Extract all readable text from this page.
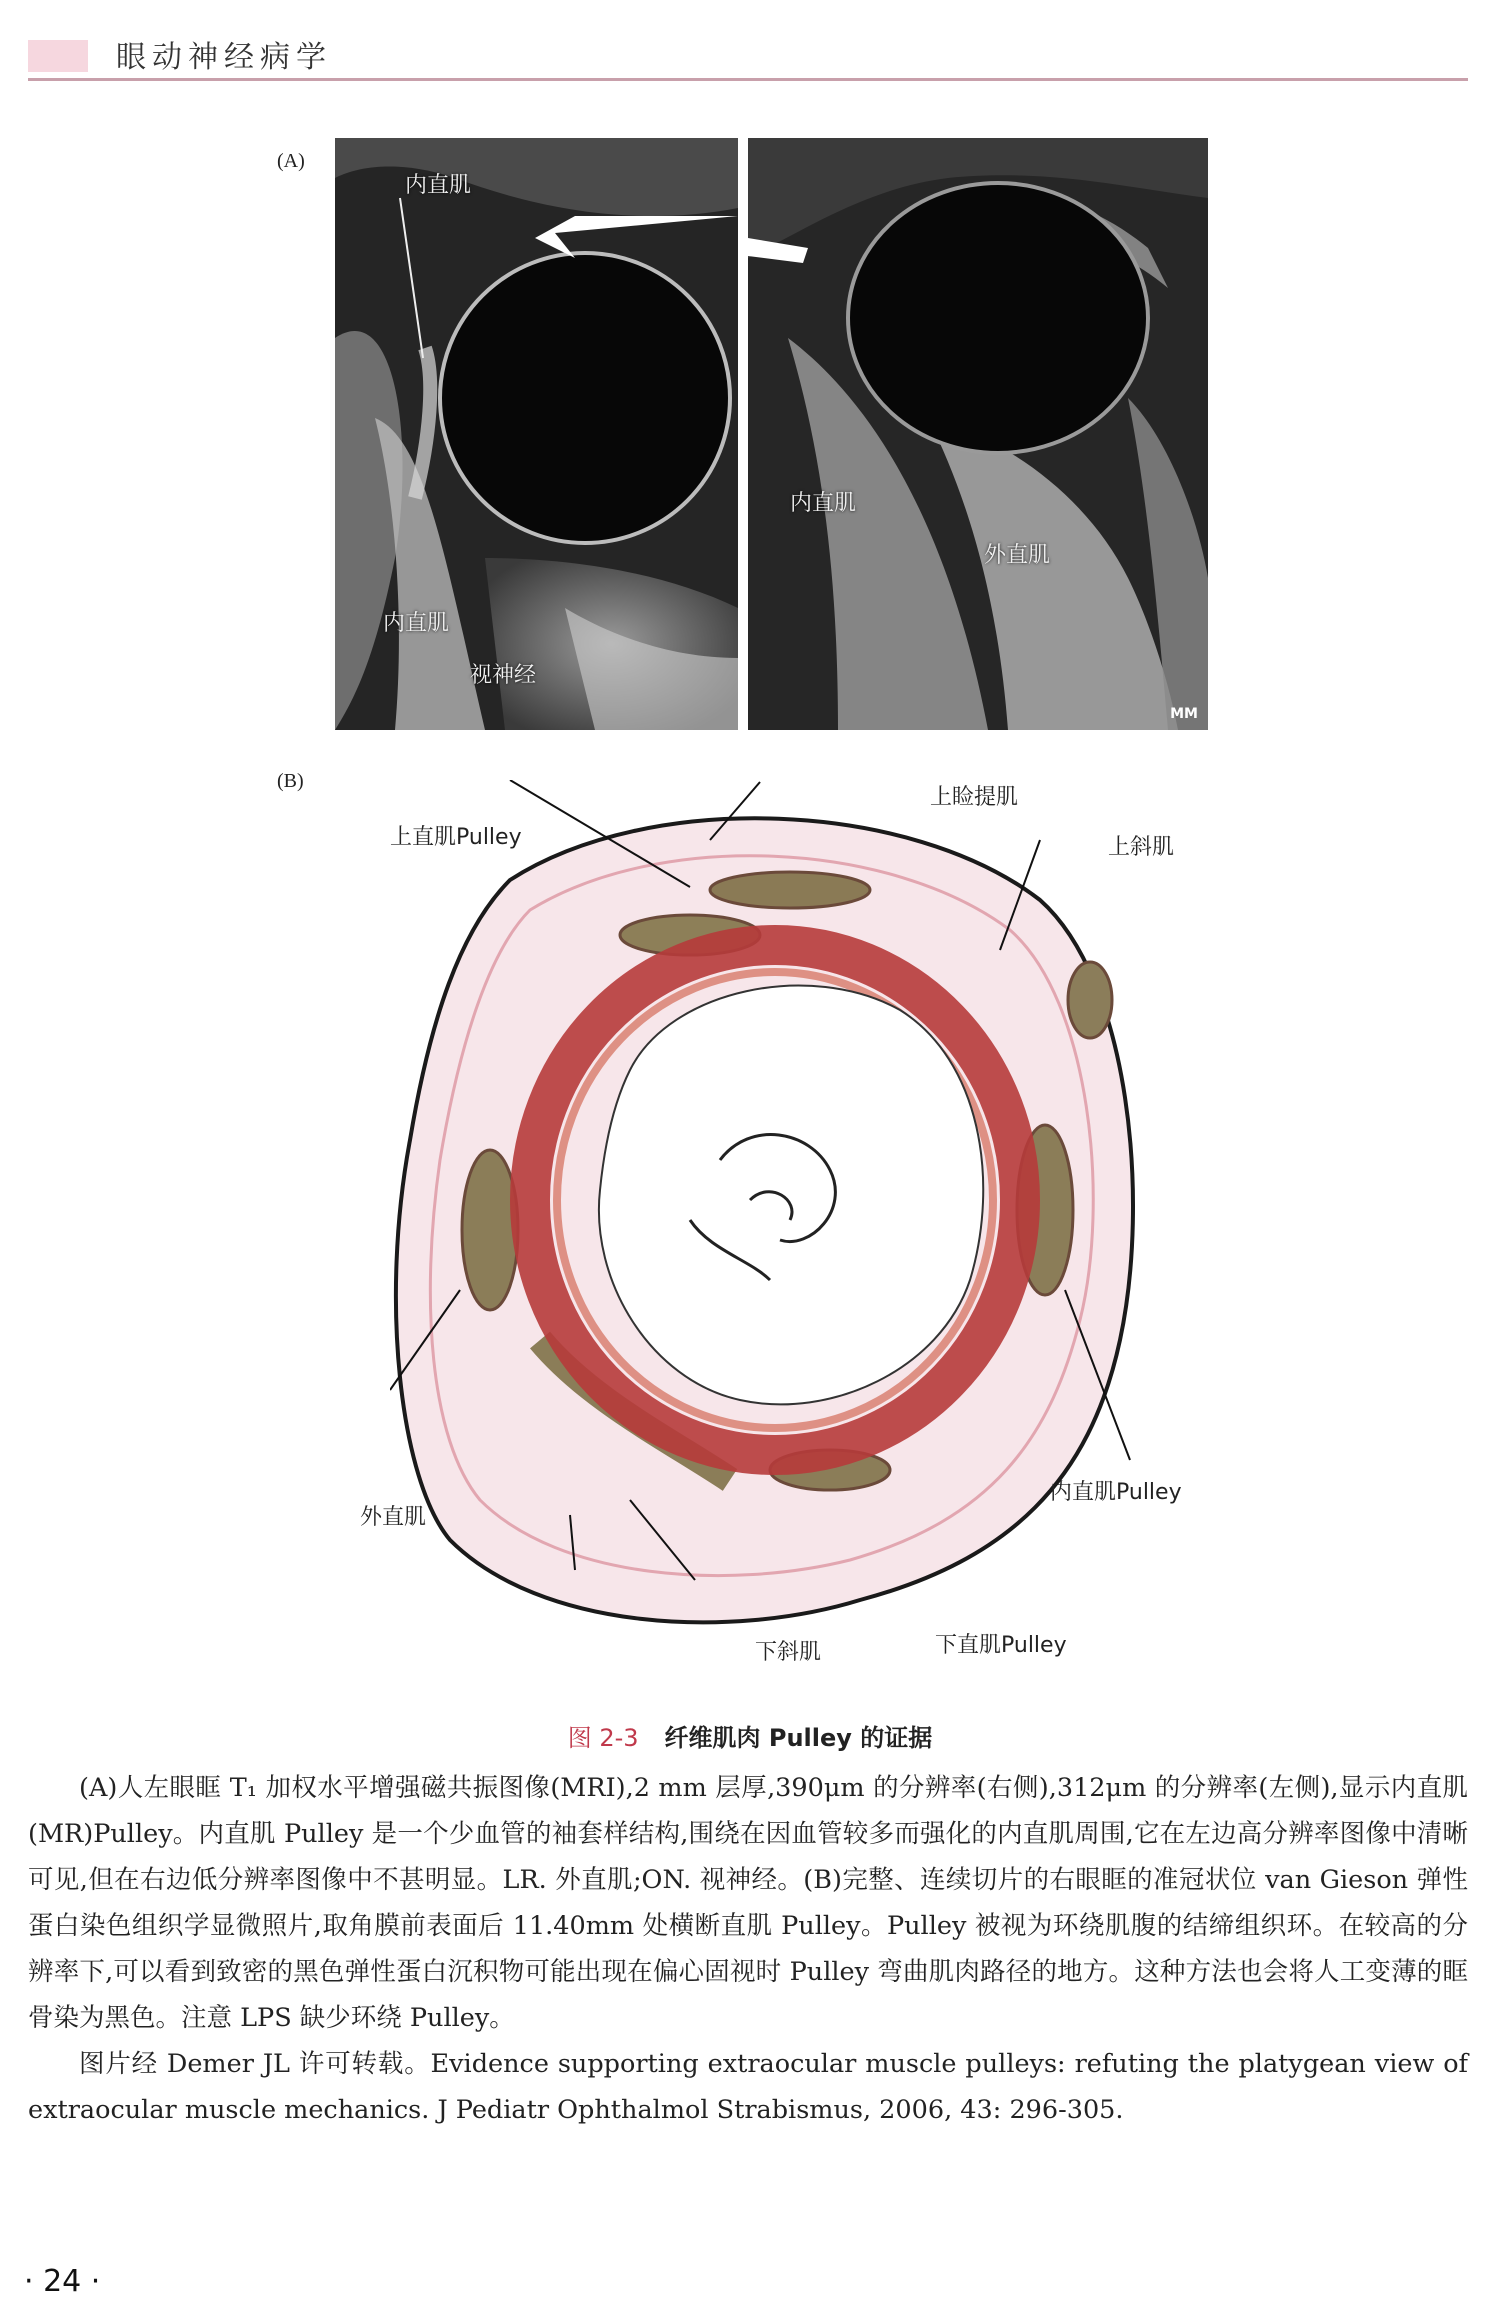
眼动神经病学
(A)
内直肌
内直肌
视神经
内直肌
外直肌
MM
(B)
上直肌Pulley
上睑提肌
上斜肌
外直肌
内直肌Pulley
下斜肌	下直肌Pulley
图 2-3 纤维肌肉 Pulley 的证据

(A)人左眼眶 T₁ 加权水平增强磁共振图像(MRI),2 mm 层厚,390μm 的分辨率(右侧),312μm 的分辨率(左侧),显示内直肌(MR)Pulley。内直肌 Pulley 是一个少血管的袖套样结构,围绕在因血管较多而强化的内直肌周围,它在左边高分辨率图像中清晰可见,但在右边低分辨率图像中不甚明显。LR. 外直肌;ON. 视神经。(B)完整、连续切片的右眼眶的准冠状位 van Gieson 弹性蛋白染色组织学显微照片,取角膜前表面后 11.40mm 处横断直肌 Pulley。Pulley 被视为环绕肌腹的结缔组织环。在较高的分辨率下,可以看到致密的黑色弹性蛋白沉积物可能出现在偏心固视时 Pulley 弯曲肌肉路径的地方。这种方法也会将人工变薄的眶骨染为黑色。注意 LPS 缺少环绕 Pulley。

图片经 Demer JL 许可转载。Evidence supporting extraocular muscle pulleys: refuting the platygean view of extraocular muscle mechanics. J Pediatr Ophthalmol Strabismus, 2006, 43: 296-305.

· 24 ·
